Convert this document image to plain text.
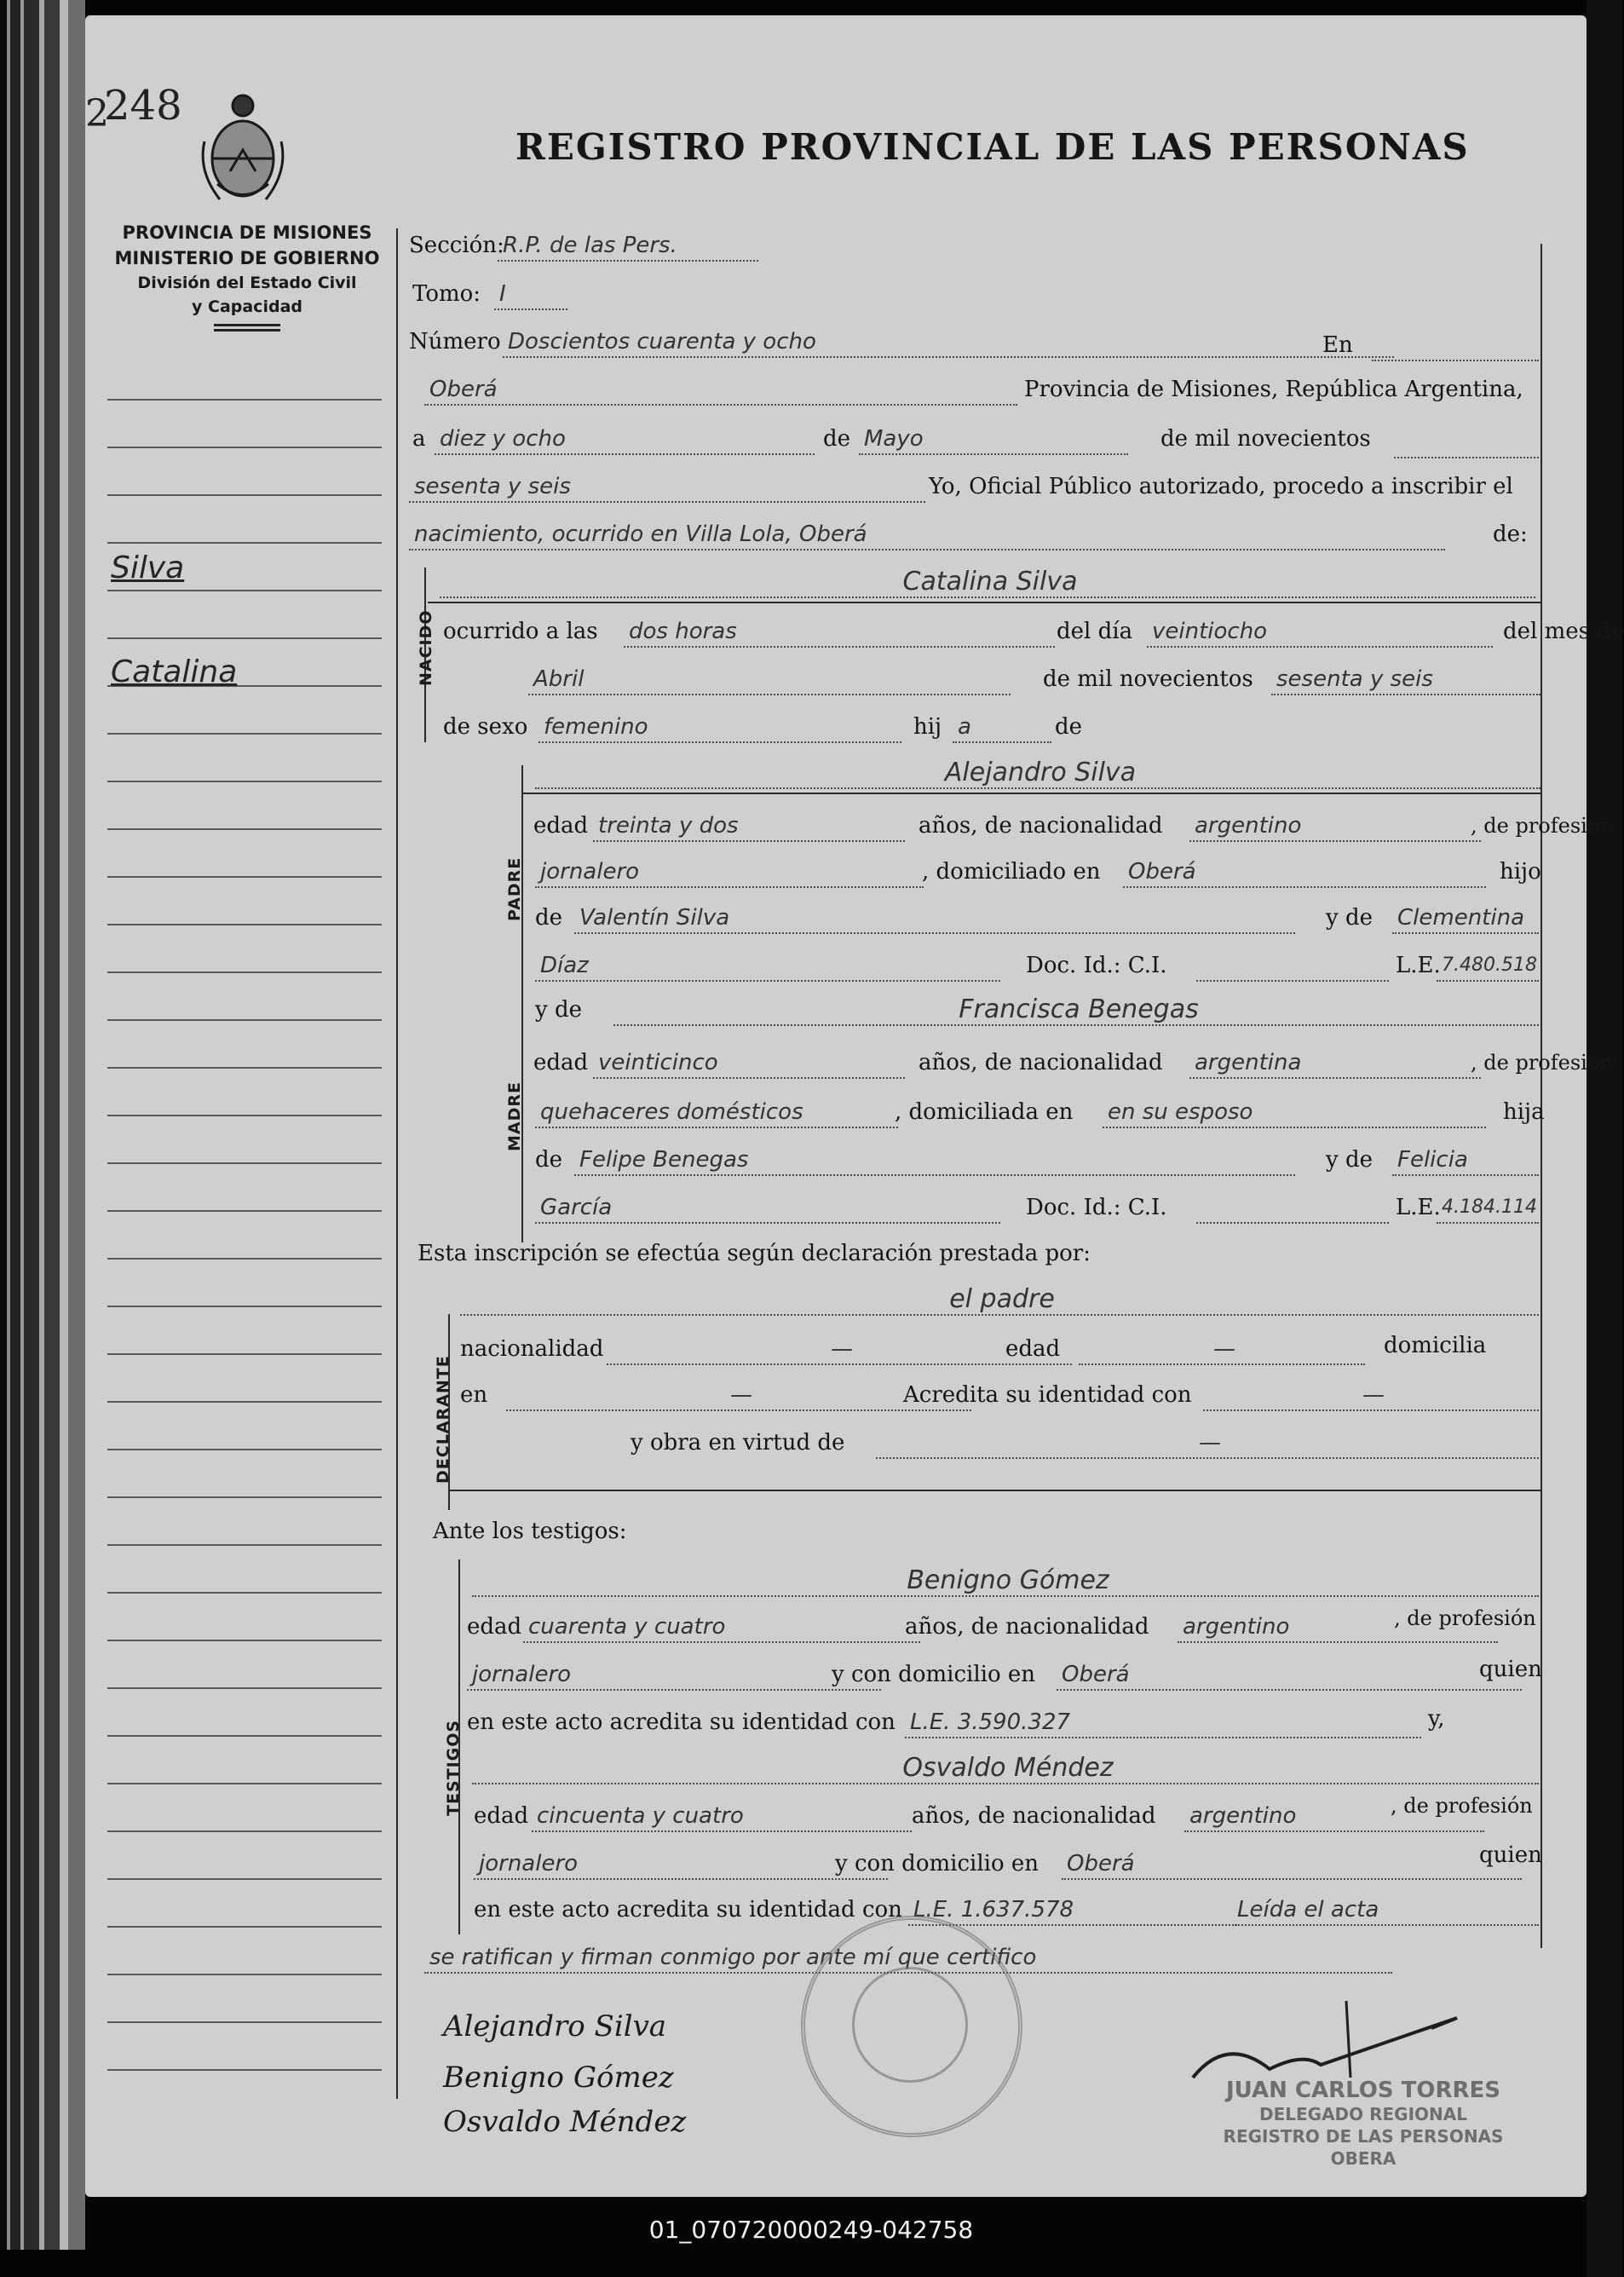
2
248
REGISTRO PROVINCIAL DE LAS PERSONAS
PROVINCIA DE MISIONES
MINISTERIO DE GOBIERNO
División del Estado Civil
y Capacidad
Silva
Catalina
Sección:
R.P. de las Pers.
Tomo: I
Número Doscientos cuarenta y ocho	En
Oberá	Provincia de Misiones, República Argentina,
a diez y ocho	de Mayo	de mil novecientos
sesenta y seis	Yo, Oficial Público autorizado, procedo a inscribir el
nacimiento, ocurrido en Villa Lola, Oberá	de:
NACIDO
Catalina Silva
ocurrido a las dos horas	del día veintiocho	del mes de
Abril	de mil novecientos sesenta y seis
de sexo femenino	hij a	de
PADRE
Alejandro Silva
edad treinta y dos	años, de nacionalidad argentino	, de profesión
jornalero	, domiciliado en Oberá	hijo
de Valentín Silva	y de Clementina
Díaz	Doc. Id.: C.I.	L.E. 7.480.518
MADRE
y de	Francisca Benegas
edad veinticinco	años, de nacionalidad argentina	, de profesión
quehaceres domésticos	, domiciliada en en su esposo	hija
de Felipe Benegas	y de Felicia
García	Doc. Id.: C.I.	L.E. 4.184.114
Esta inscripción se efectúa según declaración prestada por:
el padre
DECLARANTE
nacionalidad	—	edad	—	domicilia
en	—	Acredita su identidad con	—
y obra en virtud de	—
Ante los testigos:
TESTIGOS
Benigno Gómez
edad cuarenta y cuatro	años, de nacionalidad argentino	, de profesión
jornalero	y con domicilio en Oberá	quien
en este acto acredita su identidad con L.E. 3.590.327	y,
Osvaldo Méndez
edad cincuenta y cuatro	años, de nacionalidad argentino	, de profesión
jornalero	y con domicilio en Oberá	quien
en este acto acredita su identidad con L.E. 1.637.578	Leída el acta
se ratifican y firman conmigo por ante mí que certifico
Alejandro Silva
Benigno Gómez
Osvaldo Méndez
JUAN CARLOS TORRES
DELEGADO REGIONAL
REGISTRO DE LAS PERSONAS
OBERA
01_070720000249-042758
